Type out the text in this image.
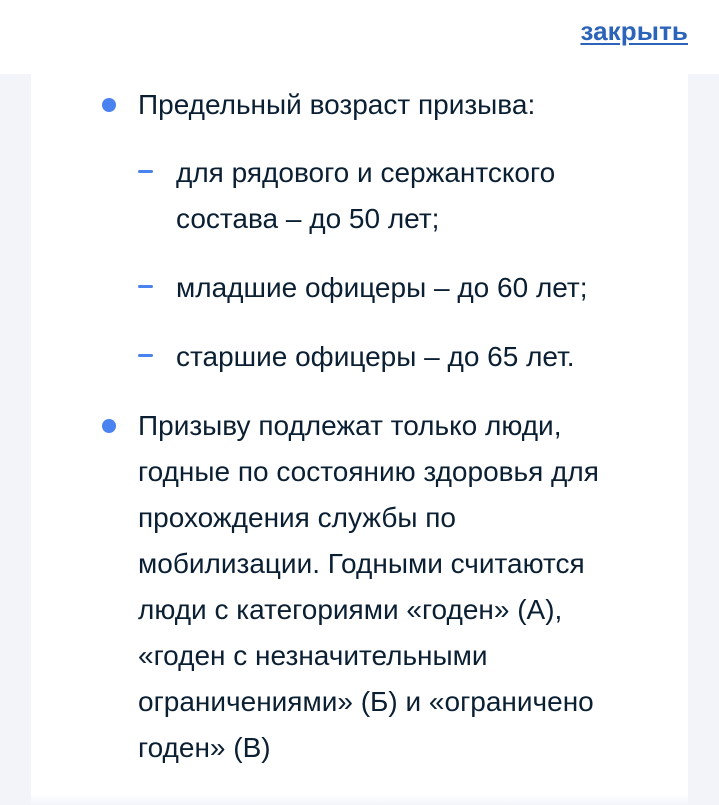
закрыть
Предельный возраст призыва:
для рядового и сержантского
состава – до 50 лет;
младшие офицеры – до 60 лет;
старшие офицеры – до 65 лет.
Призыву подлежат только люди,
годные по состоянию здоровья для
прохождения службы по
мобилизации. Годными считаются
люди с категориями «годен» (А),
«годен с незначительными
ограничениями» (Б) и «ограничено
годен» (В)
